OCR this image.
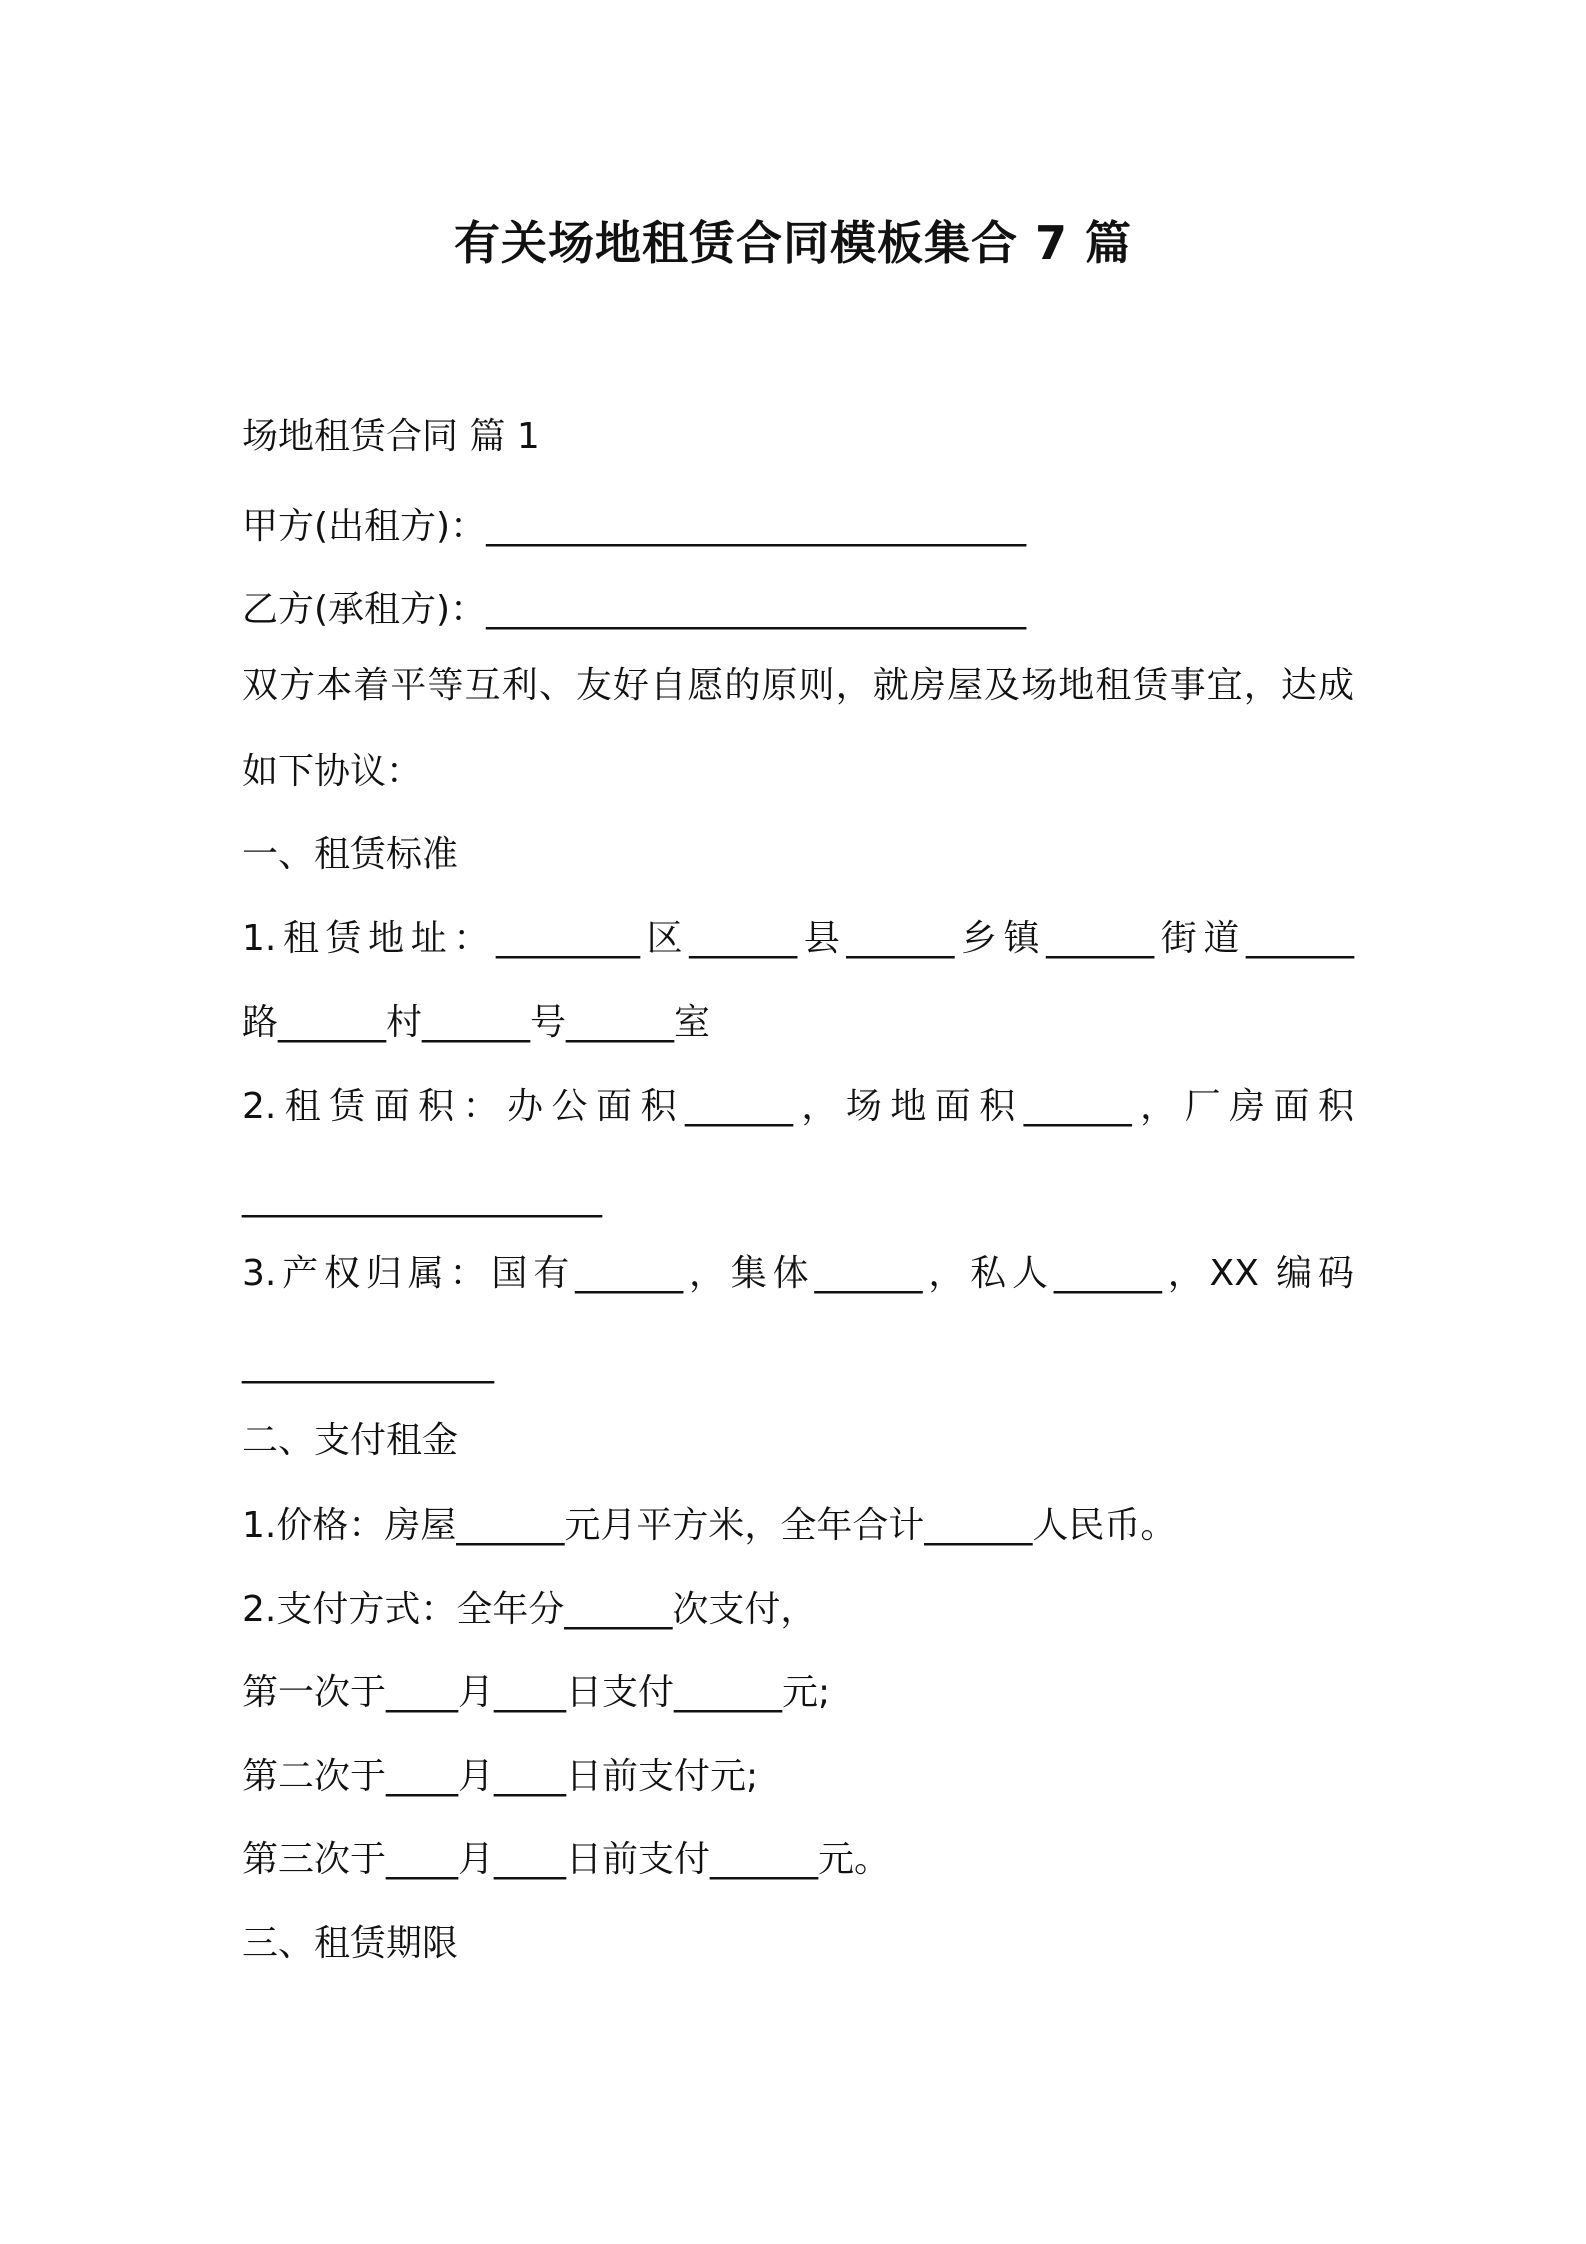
有关场地租赁合同模板集合 7 篇
场地租赁合同 篇 1
甲方(出租方)：______________________________
乙方(承租方)：______________________________
双方本着平等互利、友好自愿的原则，就房屋及场地租赁事宜，达成
如下协议：
一、租赁标准
1.租赁地址：________区______县______乡镇______街道______
路______村______号______室
2.租赁面积：办公面积______，场地面积______，厂房面积
____________________
3.产权归属：国有______，集体______，私人______，XX 编码
______________
二、支付租金
1.价格：房屋______元月平方米，全年合计______人民币。
2.支付方式：全年分______次支付，
第一次于____月____日支付______元;
第二次于____月____日前支付元;
第三次于____月____日前支付______元。
三、租赁期限
